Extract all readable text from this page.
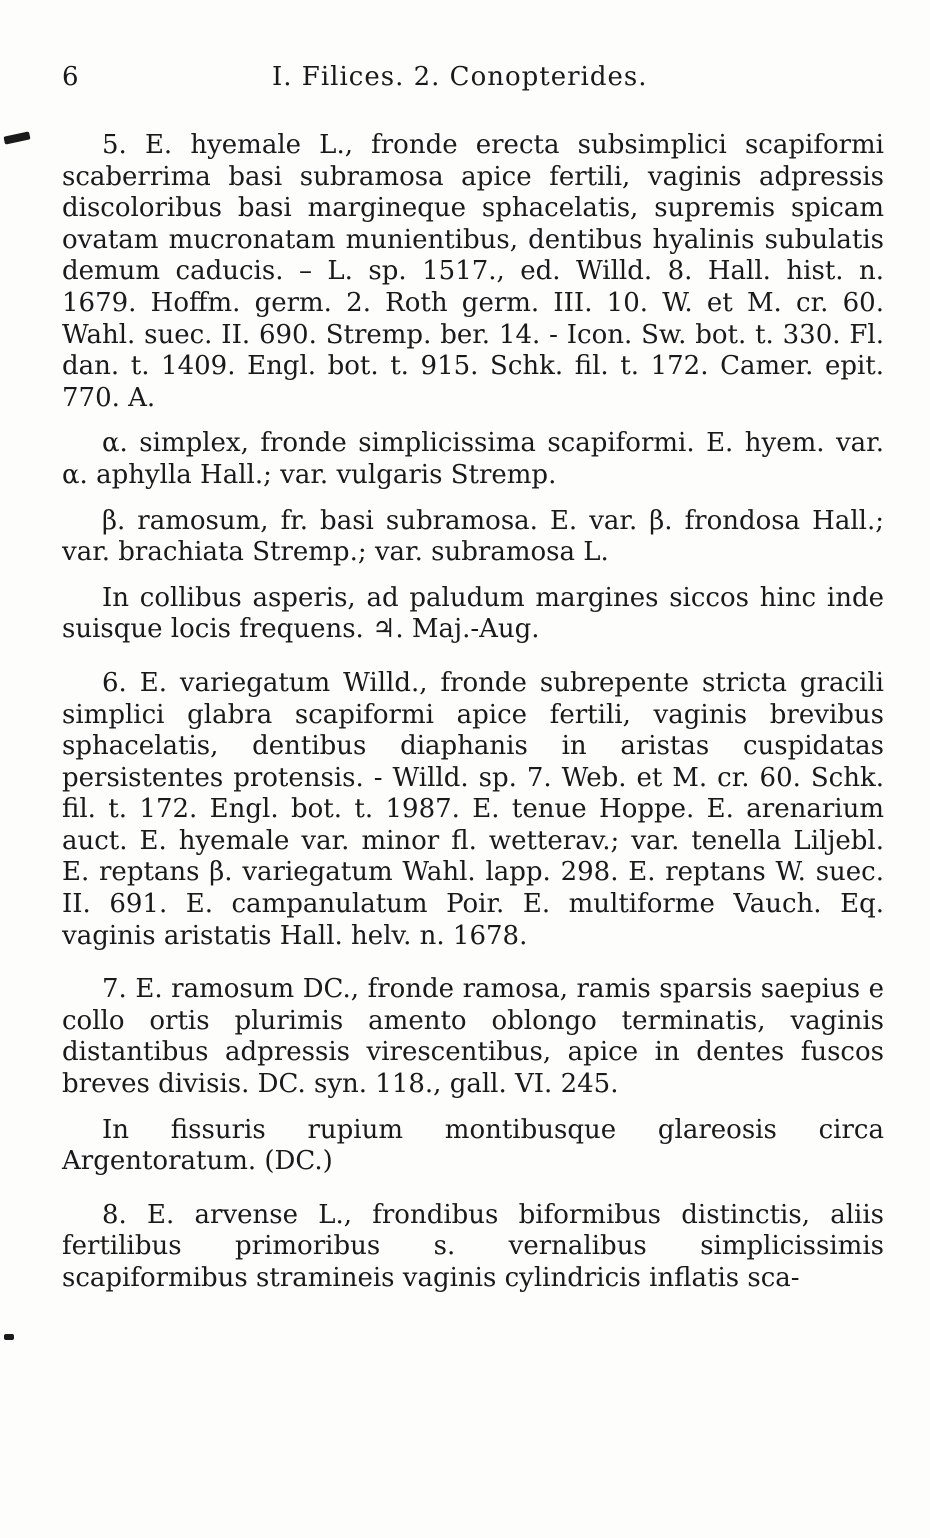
6	I. Filices. 2. Conopterides.

5. E. hyemale L., fronde erecta subsimplici scapiformi scaberrima basi subramosa apice fertili, vaginis adpressis discoloribus basi margineque sphacelatis, supremis spicam ovatam mucronatam munientibus, dentibus hyalinis subulatis demum caducis. – L. sp. 1517., ed. Willd. 8. Hall. hist. n. 1679. Hoffm. germ. 2. Roth germ. III. 10. W. et M. cr. 60. Wahl. suec. II. 690. Stremp. ber. 14. - Icon. Sw. bot. t. 330. Fl. dan. t. 1409. Engl. bot. t. 915. Schk. fil. t. 172. Camer. epit. 770. A.

α. simplex, fronde simplicissima scapiformi. E. hyem. var. α. aphylla Hall.; var. vulgaris Stremp.

β. ramosum, fr. basi subramosa. E. var. β. frondosa Hall.; var. brachiata Stremp.; var. subramosa L.

In collibus asperis, ad paludum margines siccos hinc inde suisque locis frequens. ♃. Maj.-Aug.

6. E. variegatum Willd., fronde subrepente stricta gracili simplici glabra scapiformi apice fertili, vaginis brevibus sphacelatis, dentibus diaphanis in aristas cuspidatas persistentes protensis. - Willd. sp. 7. Web. et M. cr. 60. Schk. fil. t. 172. Engl. bot. t. 1987. E. tenue Hoppe. E. arenarium auct. E. hyemale var. minor fl. wetterav.; var. tenella Liljebl. E. reptans β. variegatum Wahl. lapp. 298. E. reptans W. suec. II. 691. E. campanulatum Poir. E. multiforme Vauch. Eq. vaginis aristatis Hall. helv. n. 1678.

7. E. ramosum DC., fronde ramosa, ramis sparsis saepius e collo ortis plurimis amento oblongo terminatis, vaginis distantibus adpressis virescentibus, apice in dentes fuscos breves divisis. DC. syn. 118., gall. VI. 245.

In fissuris rupium montibusque glareosis circa Argentoratum. (DC.)

8. E. arvense L., frondibus biformibus distinctis, aliis fertilibus primoribus s. vernalibus simplicissimis scapiformibus stramineis vaginis cylindricis inflatis sca-
